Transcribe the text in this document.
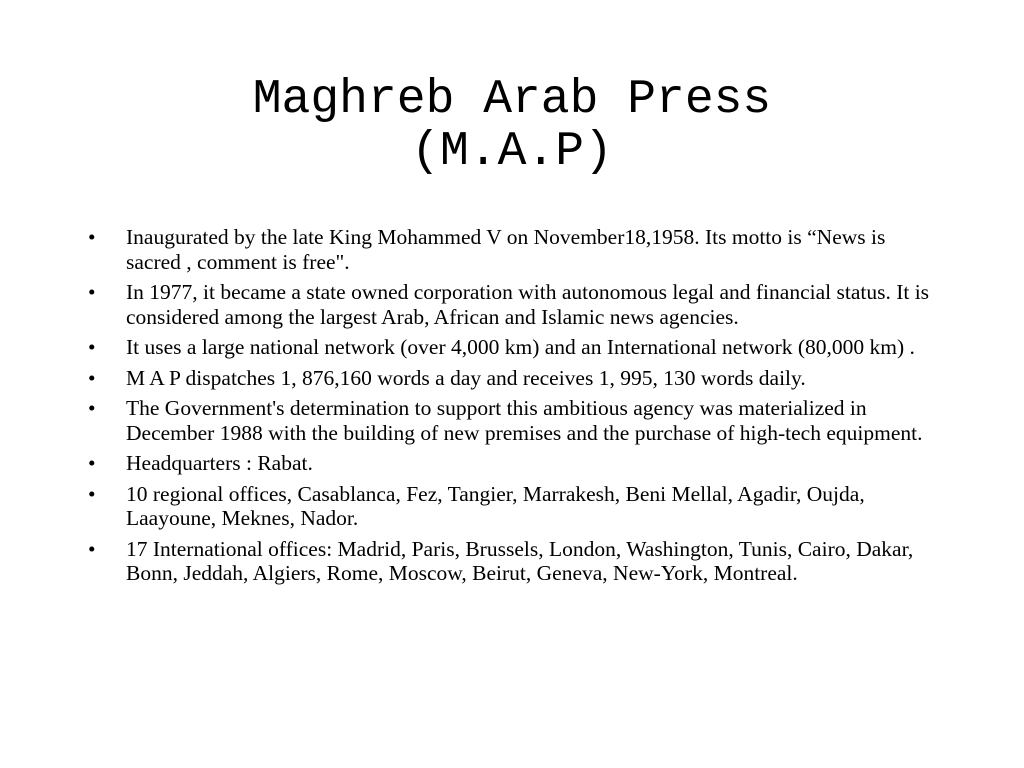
Maghreb Arab Press
(M.A.P)
• Inaugurated by the late King Mohammed V on November18,1958. Its motto is “News is sacred , comment is free".
• In 1977, it became a state owned corporation with autonomous legal and financial status. It is considered among the largest Arab, African and Islamic news agencies.
• It uses a large national network (over 4,000 km) and an International network (80,000 km) .
• M A P dispatches 1, 876,160 words a day and receives 1, 995, 130 words daily.
• The Government's determination to support this ambitious agency was materialized in December 1988 with the building of new premises and the purchase of high-tech equipment.
• Headquarters : Rabat.
• 10 regional offices, Casablanca, Fez, Tangier, Marrakesh, Beni Mellal, Agadir, Oujda, Laayoune, Meknes, Nador.
• 17 International offices: Madrid, Paris, Brussels, London, Washington, Tunis, Cairo, Dakar, Bonn, Jeddah, Algiers, Rome, Moscow, Beirut, Geneva, New-York, Montreal.
